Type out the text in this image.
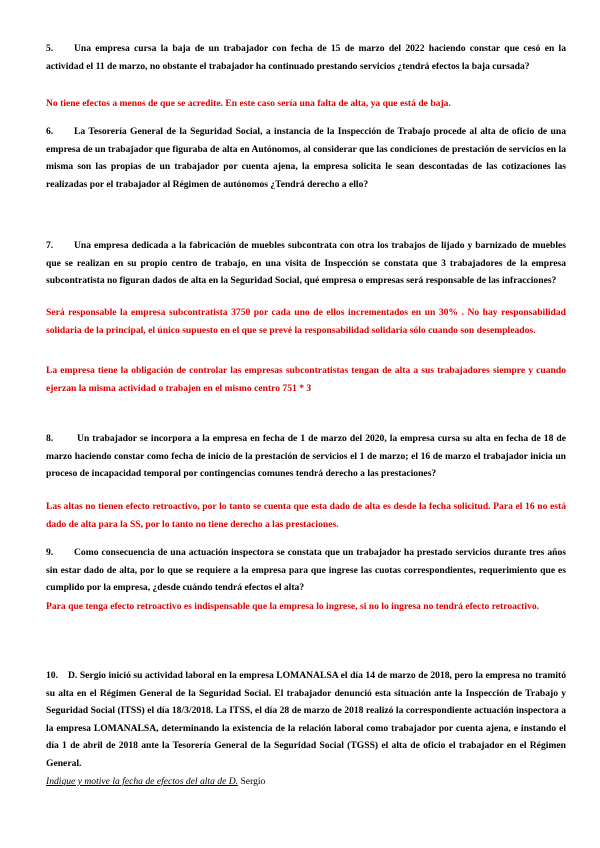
5. Una empresa cursa la baja de un trabajador con fecha de 15 de marzo del 2022 haciendo constar que cesó en la actividad el 11 de marzo, no obstante el trabajador ha continuado prestando servicios ¿tendrá efectos la baja cursada?

No tiene efectos a menos de que se acredite. En este caso sería una falta de alta, ya que está de baja.

6. La Tesorería General de la Seguridad Social, a instancia de la Inspección de Trabajo procede al alta de oficio de una empresa de un trabajador que figuraba de alta en Autónomos, al considerar que las condiciones de prestación de servicios en la misma son las propias de un trabajador por cuenta ajena, la empresa solicita le sean descontadas de las cotizaciones las realizadas por el trabajador al Régimen de autónomos ¿Tendrá derecho a ello?

7. Una empresa dedicada a la fabricación de muebles subcontrata con otra los trabajos de lijado y barnizado de muebles que se realizan en su propio centro de trabajo, en una visita de Inspección se constata que 3 trabajadores de la empresa subcontratista no figuran dados de alta en la Seguridad Social, qué empresa o empresas será responsable de las infracciones?

Será responsable la empresa subcontratista 3750 por cada uno de ellos incrementados en un 30% . No hay responsabilidad solidaria de la principal, el único supuesto en el que se prevé la responsabilidad solidaria sólo cuando son desempleados.

La empresa tiene la obligación de controlar las empresas subcontratistas tengan de alta a sus trabajadores siempre y cuando ejerzan la misma actividad o trabajen en el mismo centro 751 * 3

8. Un trabajador se incorpora a la empresa en fecha de 1 de marzo del 2020, la empresa cursa su alta en fecha de 18 de marzo haciendo constar como fecha de inicio de la prestación de servicios el 1 de marzo; el 16 de marzo el trabajador inicia un proceso de incapacidad temporal por contingencias comunes tendrá derecho a las prestaciones?

Las altas no tienen efecto retroactivo, por lo tanto se cuenta que esta dado de alta es desde la fecha solicitud. Para el 16 no está dado de alta para la SS, por lo tanto no tiene derecho a las prestaciones.

9. Como consecuencia de una actuación inspectora se constata que un trabajador ha prestado servicios durante tres años sin estar dado de alta, por lo que se requiere a la empresa para que ingrese las cuotas correspondientes, requerimiento que es cumplido por la empresa, ¿desde cuándo tendrá efectos el alta?

Para que tenga efecto retroactivo es indispensable que la empresa lo ingrese, si no lo ingresa no tendrá efecto retroactivo.

10. D. Sergio inició su actividad laboral en la empresa LOMANALSA el día 14 de marzo de 2018, pero la empresa no tramitó su alta en el Régimen General de la Seguridad Social. El trabajador denunció esta situación ante la Inspección de Trabajo y Seguridad Social (ITSS) el día 18/3/2018. La ITSS, el día 28 de marzo de 2018 realizó la correspondiente actuación inspectora a la empresa LOMANALSA, determinando la existencia de la relación laboral como trabajador por cuenta ajena, e instando el día 1 de abril de 2018 ante la Tesorería General de la Seguridad Social (TGSS) el alta de oficio el trabajador en el Régimen General.
Indique y motive la fecha de efectos del alta de D. Sergio
